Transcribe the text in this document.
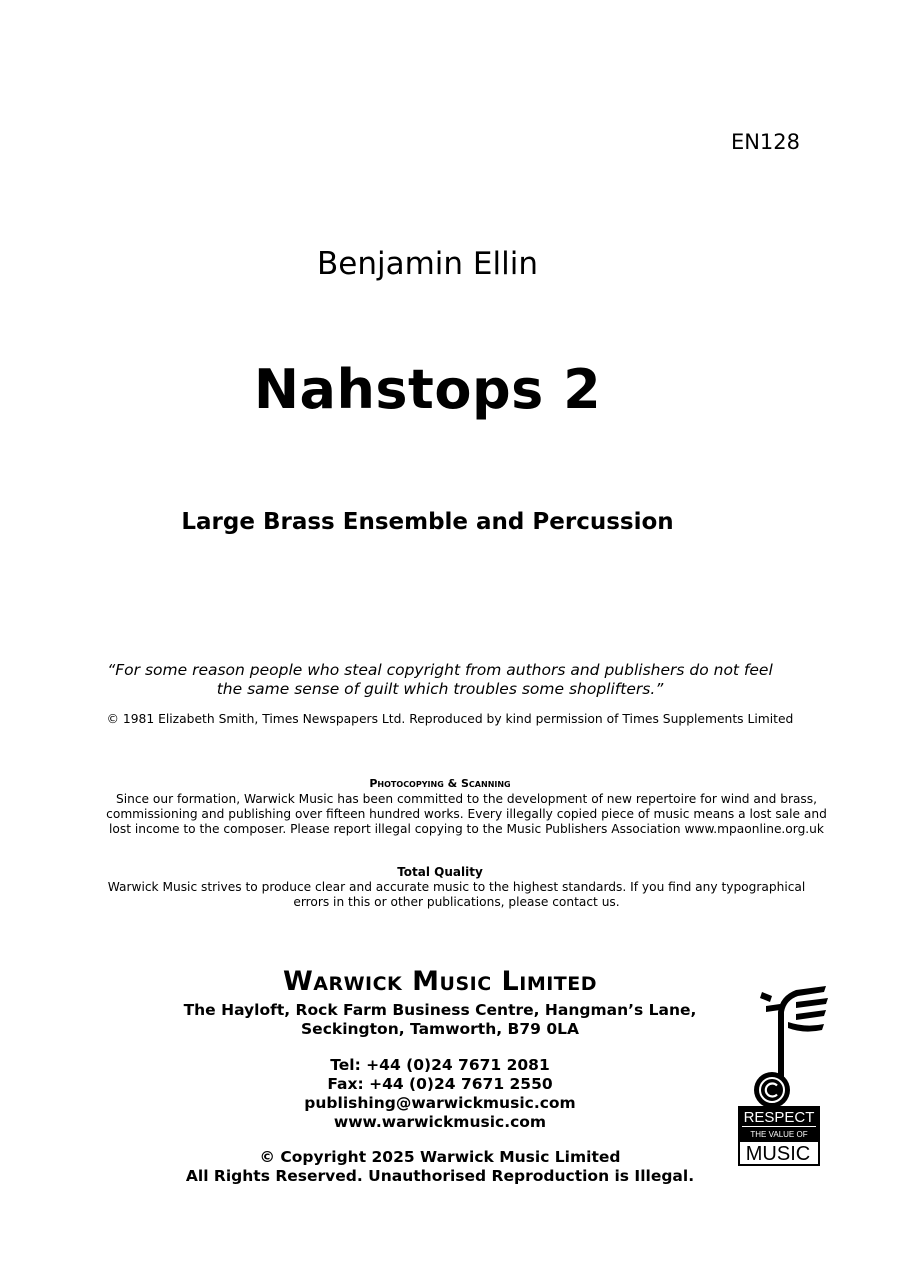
EN128
Benjamin Ellin
Nahstops 2
Large Brass Ensemble and Percussion
“For some reason people who steal copyright from authors and publishers do not feel
the same sense of guilt which troubles some shoplifters.”
© 1981 Elizabeth Smith, Times Newspapers Ltd. Reproduced by kind permission of Times Supplements Limited
Photocopying & Scanning
Since our formation, Warwick Music has been committed to the development of new repertoire for wind and brass,
commissioning and publishing over fifteen hundred works. Every illegally copied piece of music means a lost sale and
lost income to the composer. Please report illegal copying to the Music Publishers Association www.mpaonline.org.uk
Total Quality
Warwick Music strives to produce clear and accurate music to the highest standards. If you find any typographical
errors in this or other publications, please contact us.
Warwick Music Limited
The Hayloft, Rock Farm Business Centre, Hangman’s Lane,
Seckington, Tamworth, B79 0LA
Tel: +44 (0)24 7671 2081
Fax: +44 (0)24 7671 2550
publishing@warwickmusic.com
www.warwickmusic.com
© Copyright 2025 Warwick Music Limited
All Rights Reserved. Unauthorised Reproduction is Illegal.
RESPECT
THE VALUE OF
MUSIC
